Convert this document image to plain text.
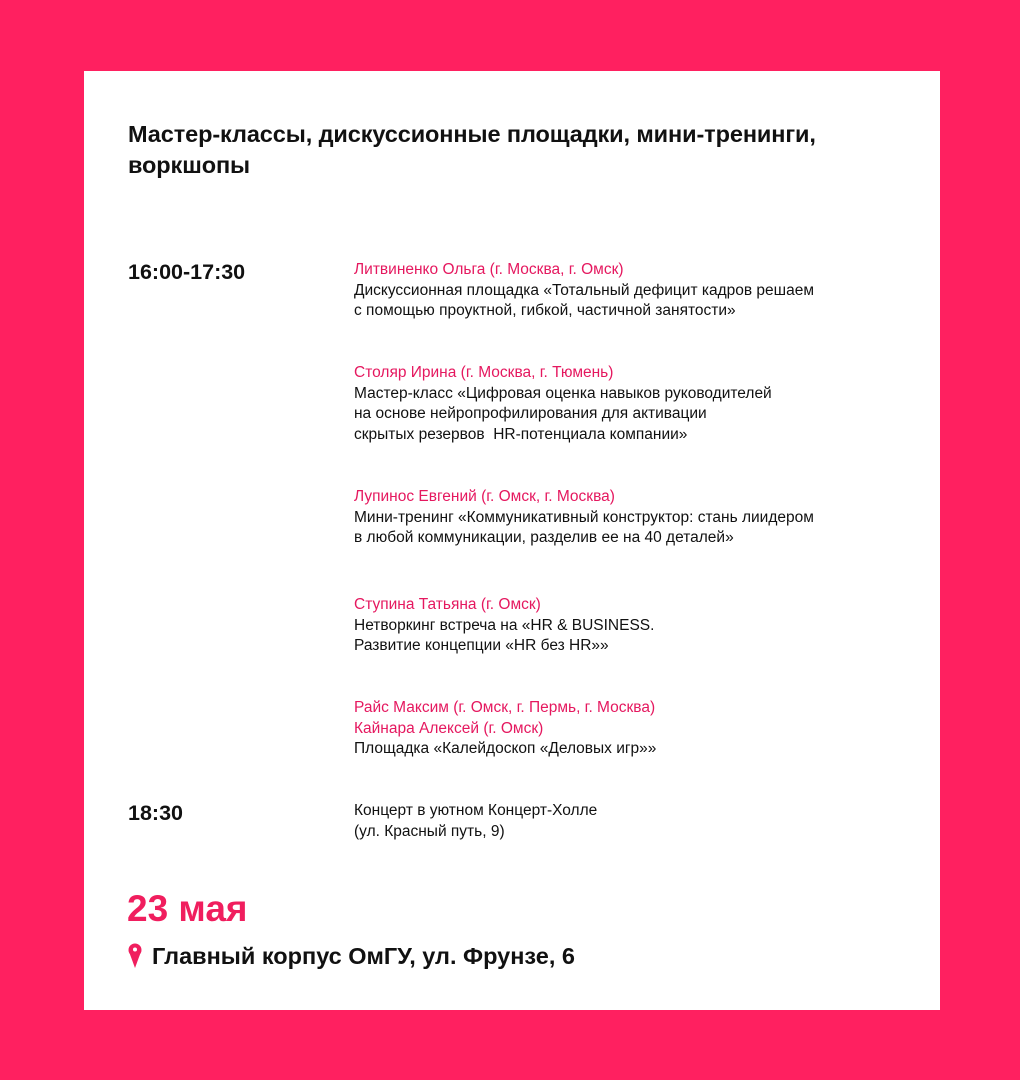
Мастер-классы, дискуссионные площадки, мини-тренинги,
воркшопы
16:00-17:30	Литвиненко Ольга (г. Москва, г. Омск)
Дискуссионная площадка «Тотальный дефицит кадров решаем
с помощью проуктной, гибкой, частичной занятости»
Столяр Ирина (г. Москва, г. Тюмень)
Мастер-класс «Цифровая оценка навыков руководителей
на основе нейропрофилирования для активации
скрытых резервов  HR-потенциала компании»
Лупинос Евгений (г. Омск, г. Москва)
Мини-тренинг «Коммуникативный конструктор: стань лиидером
в любой коммуникации, разделив ее на 40 деталей»
Ступина Татьяна (г. Омск)
Нетворкинг встреча на «HR & BUSINESS.
Развитие концепции «HR без HR»»
Райс Максим (г. Омск, г. Пермь, г. Москва)
Кайнара Алексей (г. Омск)
Площадка «Калейдоскоп «Деловых игр»»
18:30	Концерт в уютном Концерт-Холле
(ул. Красный путь, 9)
23 мая
Главный корпус ОмГУ, ул. Фрунзе, 6
